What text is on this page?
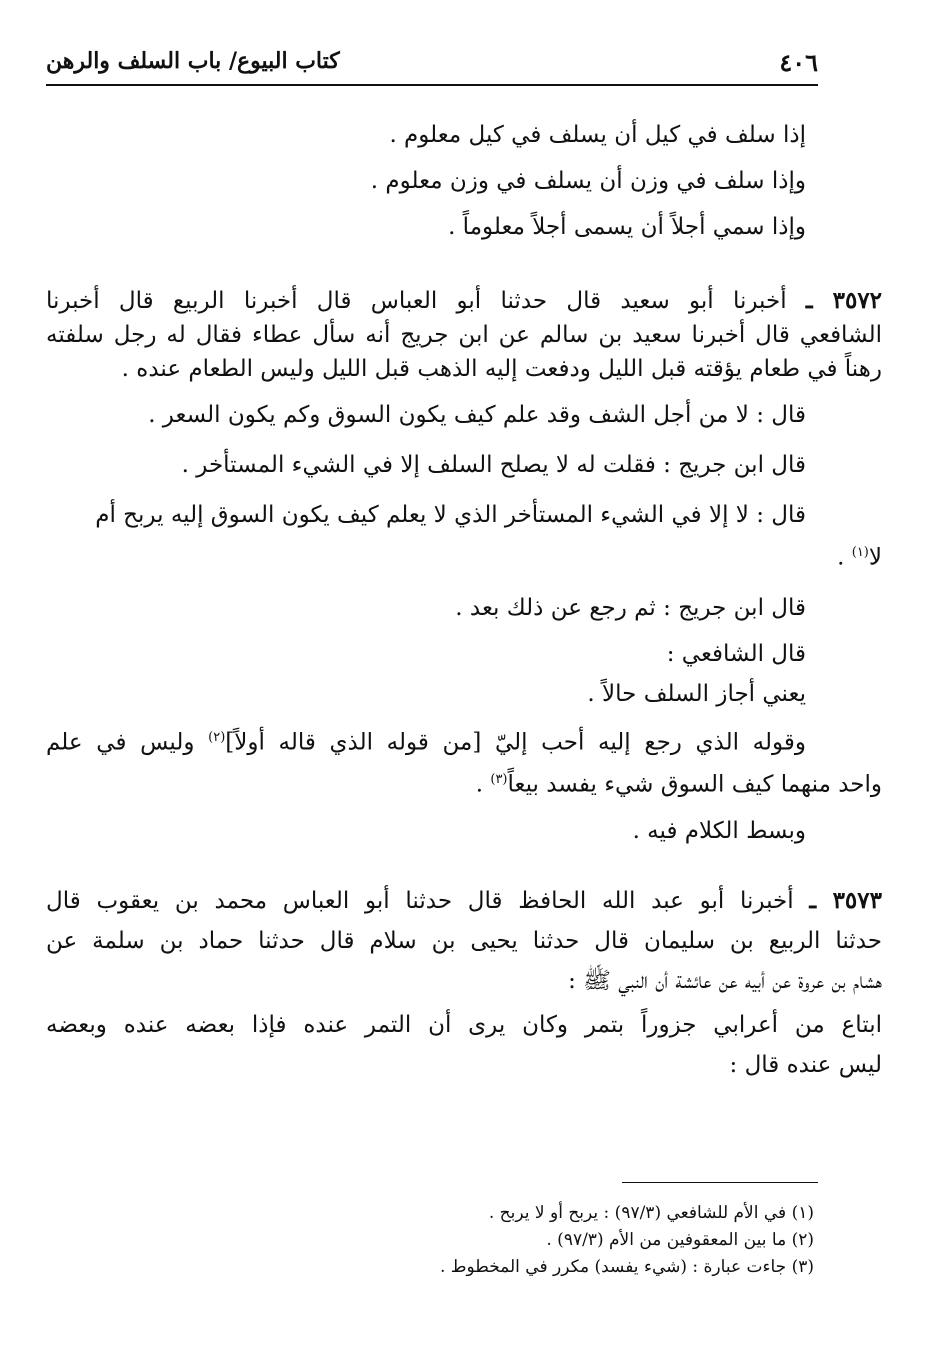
٤٠٦
كتاب البيوع/ باب السلف والرهن
إذا سلف في كيل أن يسلف في كيل معلوم .
وإذا سلف في وزن أن يسلف في وزن معلوم .
وإذا سمي أجلاً أن يسمى أجلاً معلوماً .
٣٥٧٢ ـ أخبرنا أبو سعيد قال حدثنا أبو العباس قال أخبرنا الربيع قال أخبرنا
الشافعي قال أخبرنا سعيد بن سالم عن ابن جريج أنه سأل عطاء فقال له رجل سلفته
رهناً في طعام يؤقته قبل الليل ودفعت إليه الذهب قبل الليل وليس الطعام عنده .
قال : لا من أجل الشف وقد علم كيف يكون السوق وكم يكون السعر .
قال ابن جريج : فقلت له لا يصلح السلف إلا في الشيء المستأخر .
قال : لا إلا في الشيء المستأخر الذي لا يعلم كيف يكون السوق إليه يربح أم
لا$^{(١)}$ .
قال ابن جريج : ثم رجع عن ذلك بعد .
قال الشافعي :
يعني أجاز السلف حالاً .
وقوله الذي رجع إليه أحب إليّ [من قوله الذي قاله أولاً]$^{(٢)}$ وليس في علم
واحد منهما كيف السوق شيء يفسد بيعاً$^{(٣)}$ .
وبسط الكلام فيه .
٣٥٧٣ ـ أخبرنا أبو عبد الله الحافظ قال حدثنا أبو العباس محمد بن يعقوب قال
حدثنا الربيع بن سليمان قال حدثنا يحيى بن سلام قال حدثنا حماد بن سلمة عن
هشام بن عروة عن أبيه عن عائشة أن النبي ﷺ :
ابتاع من أعرابي جزوراً بتمر وكان يرى أن التمر عنده فإذا بعضه عنده وبعضه
ليس عنده قال :
(١) في الأم للشافعي (٩٧/٣) : يربح أو لا يربح .
(٢) ما بين المعقوفين من الأم (٩٧/٣) .
(٣) جاءت عبارة : (شيء يفسد) مكرر في المخطوط .
